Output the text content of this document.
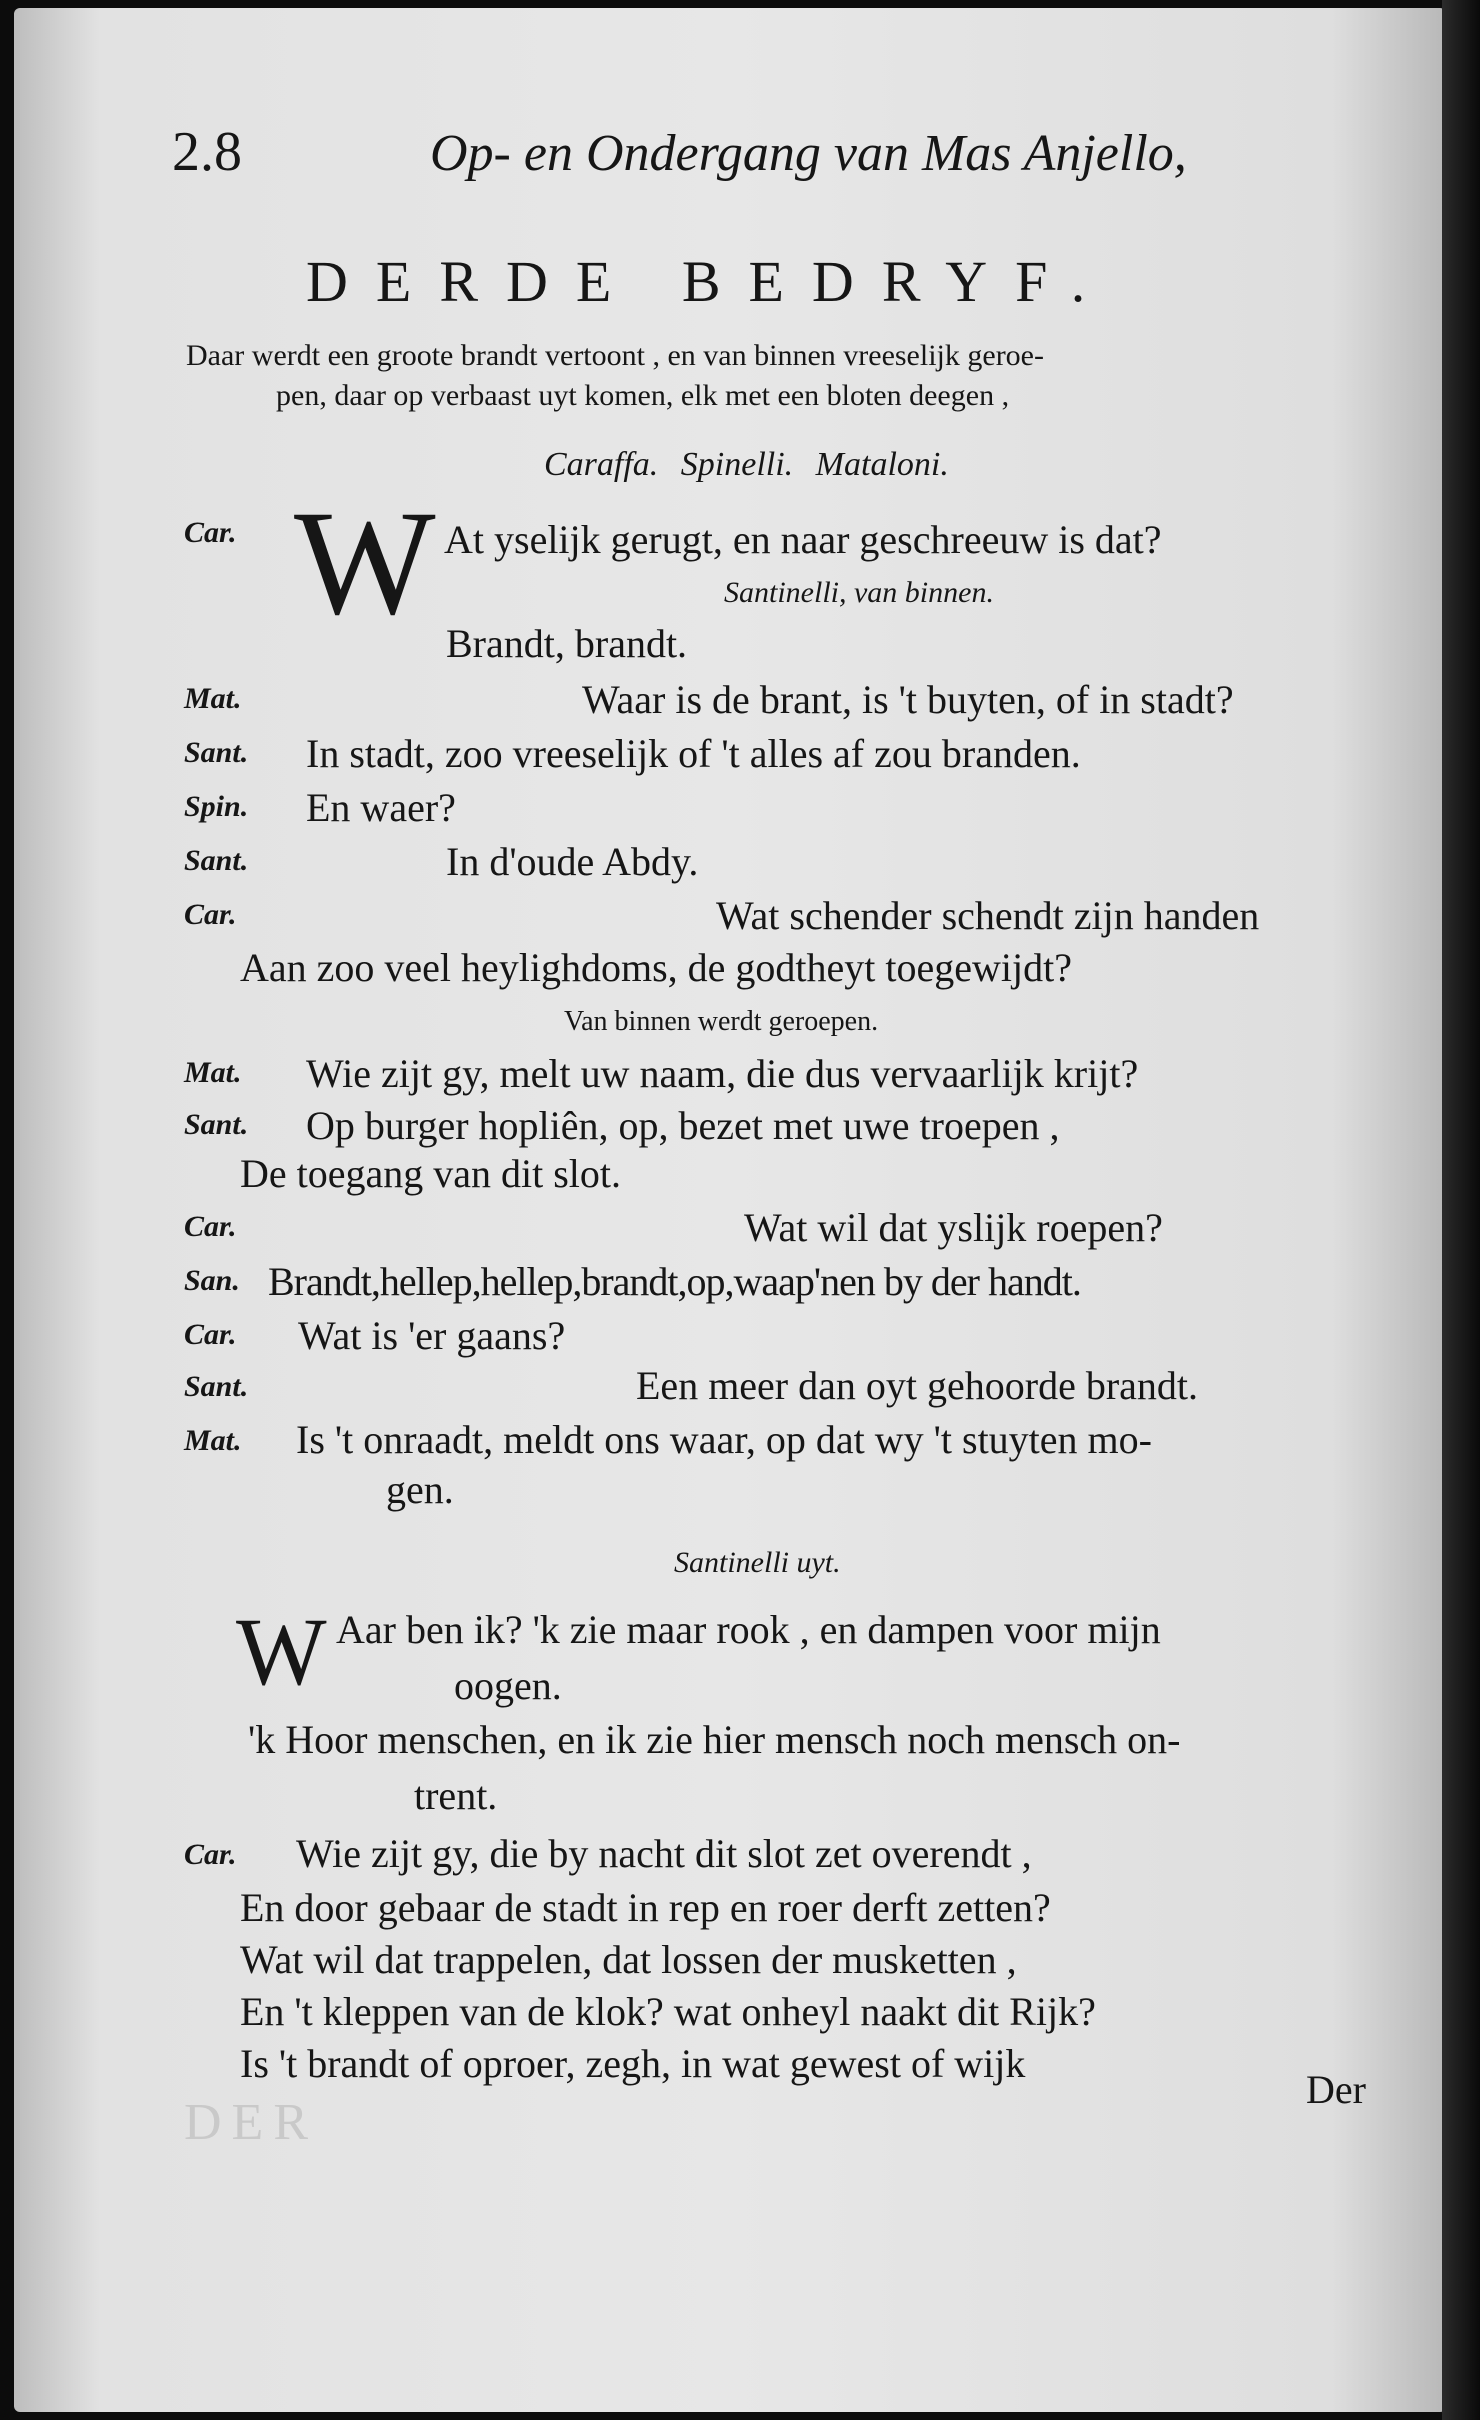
DER
2.8	Op- en Ondergang van Mas Anjello,
DERDE BEDRYF.
Daar werdt een groote brandt vertoont , en van binnen vreeselijk geroe-
pen, daar op verbaast uyt komen, elk met een bloten deegen ,
Caraffa. Spinelli. Mataloni.
Car. W At yselijk gerugt, en naar geschreeuw is dat?
Santinelli, van binnen.
Brandt, brandt.
Mat.	Waar is de brant, is 't buyten, of in stadt?
Sant. In stadt, zoo vreeselijk of 't alles af zou branden.
Spin. En waer?
Sant.	In d'oude Abdy.
Car.	Wat schender schendt zijn handen
Aan zoo veel heylighdoms, de godtheyt toegewijdt?
Van binnen werdt geroepen.
Mat. Wie zijt gy, melt uw naam, die dus vervaarlijk krijt?
Sant. Op burger hopliên, op, bezet met uwe troepen ,
De toegang van dit slot.
Car.	Wat wil dat yslijk roepen?
San. Brandt,hellep,hellep,brandt,op,waap'nen by der handt.
Car. Wat is 'er gaans?
Sant.	Een meer dan oyt gehoorde brandt.
Mat. Is 't onraadt, meldt ons waar, op dat wy 't stuyten mo-
gen.
Santinelli uyt.
W Aar ben ik? 'k zie maar rook , en dampen voor mijn
oogen.
'k Hoor menschen, en ik zie hier mensch noch mensch on-
trent.
Car. Wie zijt gy, die by nacht dit slot zet overendt ,
En door gebaar de stadt in rep en roer derft zetten?
Wat wil dat trappelen, dat lossen der musketten ,
En 't kleppen van de klok? wat onheyl naakt dit Rijk?
Is 't brandt of oproer, zegh, in wat gewest of wijk
Der
